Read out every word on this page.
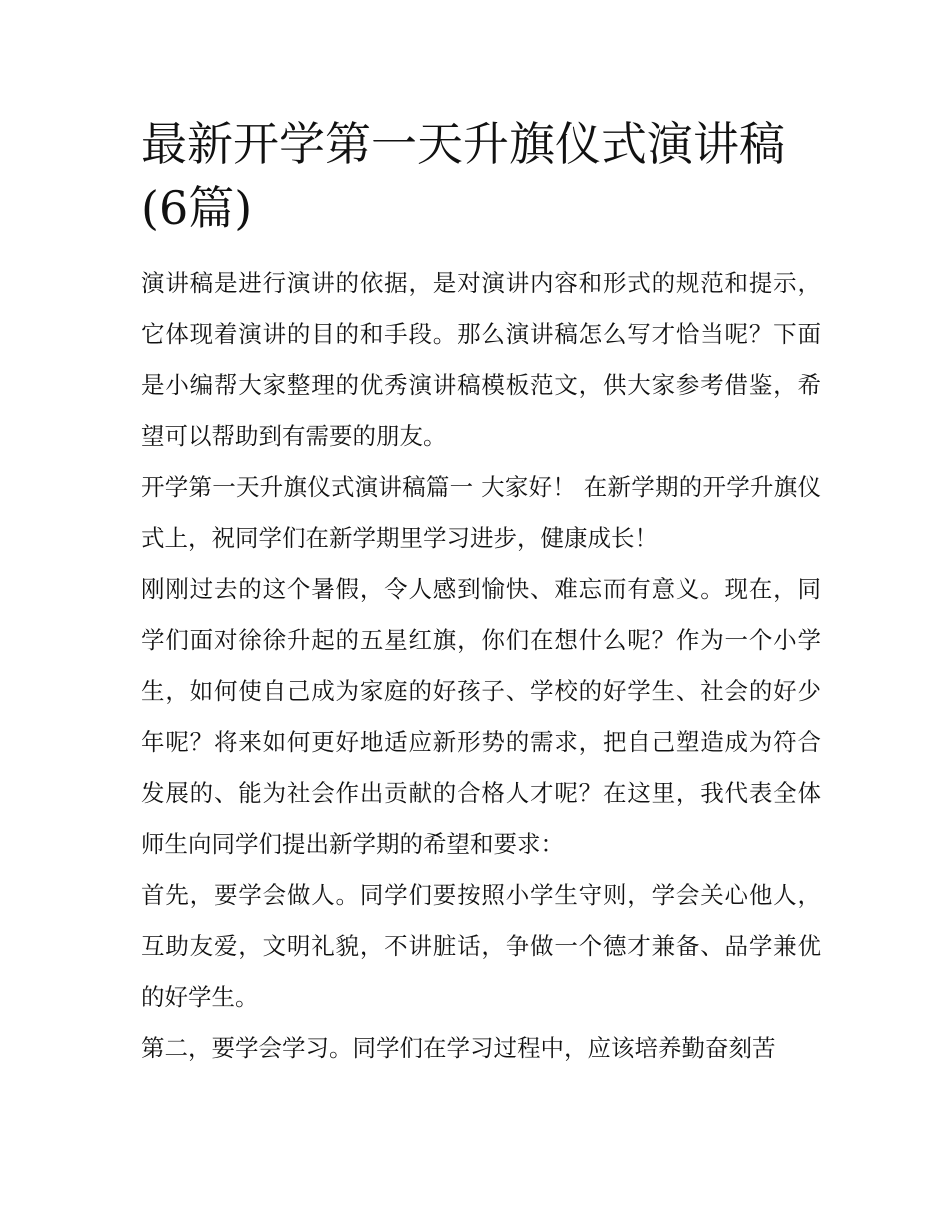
最新开学第一天升旗仪式演讲稿(6篇)

演讲稿是进行演讲的依据，是对演讲内容和形式的规范和提示，它体现着演讲的目的和手段。那么演讲稿怎么写才恰当呢？下面是小编帮大家整理的优秀演讲稿模板范文，供大家参考借鉴，希望可以帮助到有需要的朋友。

开学第一天升旗仪式演讲稿篇一 大家好！ 在新学期的开学升旗仪式上，祝同学们在新学期里学习进步，健康成长！

刚刚过去的这个暑假，令人感到愉快、难忘而有意义。现在，同学们面对徐徐升起的五星红旗，你们在想什么呢？作为一个小学生，如何使自己成为家庭的好孩子、学校的好学生、社会的好少年呢？将来如何更好地适应新形势的需求，把自己塑造成为符合发展的、能为社会作出贡献的合格人才呢？在这里，我代表全体师生向同学们提出新学期的希望和要求：

首先，要学会做人。同学们要按照小学生守则，学会关心他人，互助友爱，文明礼貌，不讲脏话，争做一个德才兼备、品学兼优的好学生。

第二，要学会学习。同学们在学习过程中，应该培养勤奋刻苦
